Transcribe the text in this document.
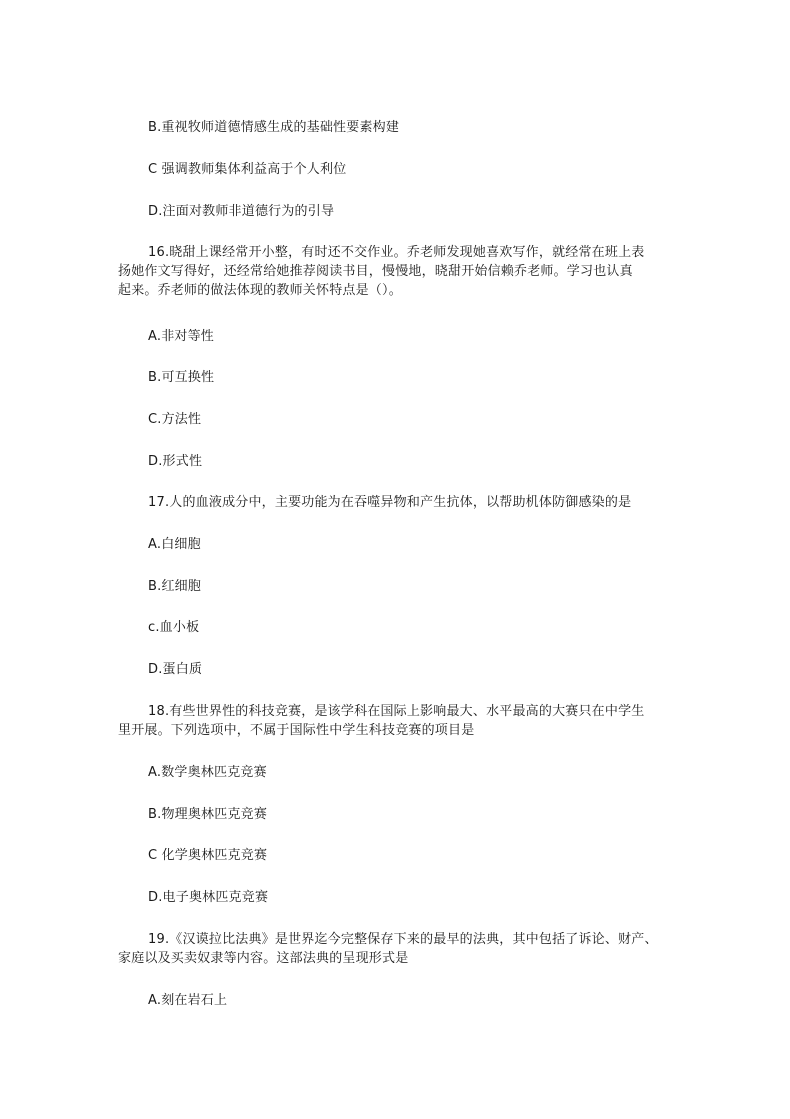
B.重视牧师道德情感生成的基础性要素构建
C 强调教师集体利益高于个人利位
D.注面对教师非道德行为的引导
16.晓甜上课经常开小整，有时还不交作业。乔老师发现她喜欢写作，就经常在班上表
扬她作文写得好，还经常给她推荐阅读书目，慢慢地，晓甜开始信赖乔老师。学习也认真
起来。乔老师的做法体现的教师关怀特点是（）。
A.非对等性
B.可互换性
C.方法性
D.形式性
17.人的血液成分中，主要功能为在吞噬异物和产生抗体，以帮助机体防御感染的是
A.白细胞
B.红细胞
c.血小板
D.蛋白质
18.有些世界性的科技竞赛，是该学科在国际上影响最大、水平最高的大赛只在中学生
里开展。下列选项中，不属于国际性中学生科技竞赛的项目是
A.数学奥林匹克竞赛
B.物理奥林匹克竞赛
C 化学奥林匹克竞赛
D.电子奥林匹克竞赛
19.《汉谟拉比法典》是世界迄今完整保存下来的最早的法典，其中包括了诉论、财产、
家庭以及买卖奴隶等内容。这部法典的呈现形式是
A.刻在岩石上
